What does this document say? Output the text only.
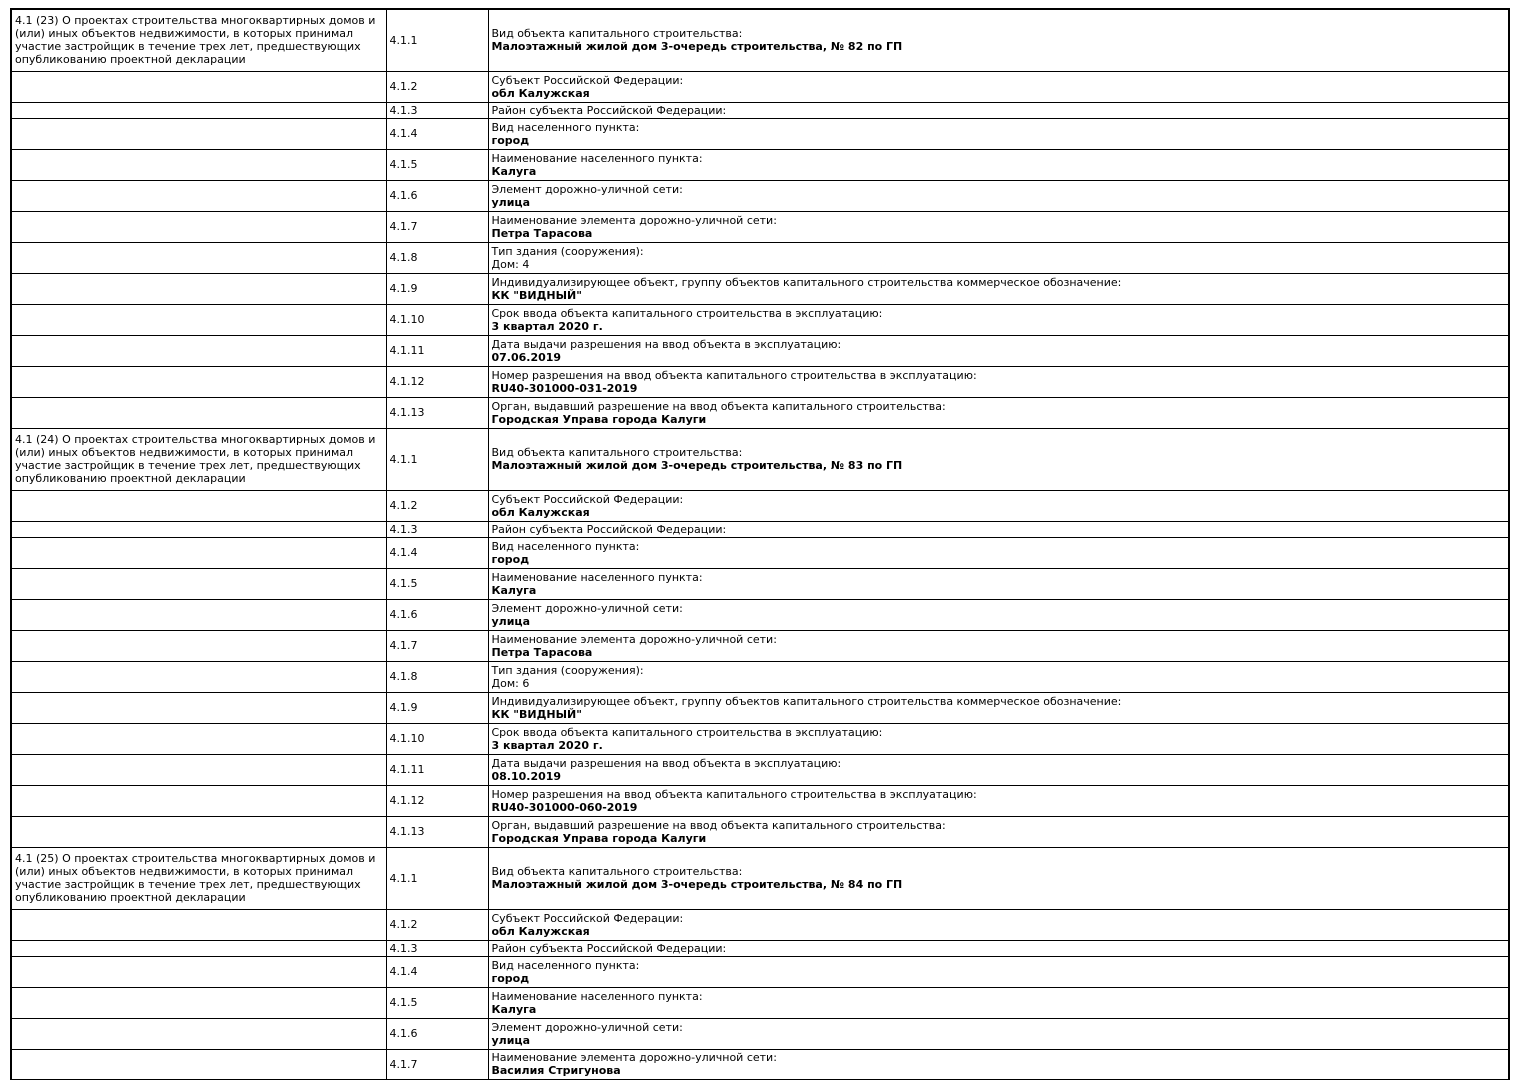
4.1 (23) О проектах строительства многоквартирных домов и (или) иных объектов недвижимости, в которых принимал участие застройщик в течение трех лет, предшествующих опубликованию проектной декларации	4.1.1	Вид объекта капитального строительства:
Малоэтажный жилой дом 3-очередь строительства, № 82 по ГП

	4.1.2	Субъект Российской Федерации:
обл Калужская

	4.1.3	Район субъекта Российской Федерации:

	4.1.4	Вид населенного пункта:
город

	4.1.5	Наименование населенного пункта:
Калуга

	4.1.6	Элемент дорожно-уличной сети:
улица

	4.1.7	Наименование элемента дорожно-уличной сети:
Петра Тарасова

	4.1.8	Тип здания (сооружения):
Дом: 4

	4.1.9	Индивидуализирующее объект, группу объектов капитального строительства коммерческое обозначение:
КК "ВИДНЫЙ"

	4.1.10	Срок ввода объекта капитального строительства в эксплуатацию:
3 квартал 2020 г.

	4.1.11	Дата выдачи разрешения на ввод объекта в эксплуатацию:
07.06.2019

	4.1.12	Номер разрешения на ввод объекта капитального строительства в эксплуатацию:
RU40-301000-031-2019

	4.1.13	Орган, выдавший разрешение на ввод объекта капитального строительства:
Городская Управа города Калуги

4.1 (24) О проектах строительства многоквартирных домов и (или) иных объектов недвижимости, в которых принимал участие застройщик в течение трех лет, предшествующих опубликованию проектной декларации	4.1.1	Вид объекта капитального строительства:
Малоэтажный жилой дом 3-очередь строительства, № 83 по ГП

	4.1.2	Субъект Российской Федерации:
обл Калужская

	4.1.3	Район субъекта Российской Федерации:

	4.1.4	Вид населенного пункта:
город

	4.1.5	Наименование населенного пункта:
Калуга

	4.1.6	Элемент дорожно-уличной сети:
улица

	4.1.7	Наименование элемента дорожно-уличной сети:
Петра Тарасова

	4.1.8	Тип здания (сооружения):
Дом: 6

	4.1.9	Индивидуализирующее объект, группу объектов капитального строительства коммерческое обозначение:
КК "ВИДНЫЙ"

	4.1.10	Срок ввода объекта капитального строительства в эксплуатацию:
3 квартал 2020 г.

	4.1.11	Дата выдачи разрешения на ввод объекта в эксплуатацию:
08.10.2019

	4.1.12	Номер разрешения на ввод объекта капитального строительства в эксплуатацию:
RU40-301000-060-2019

	4.1.13	Орган, выдавший разрешение на ввод объекта капитального строительства:
Городская Управа города Калуги

4.1 (25) О проектах строительства многоквартирных домов и (или) иных объектов недвижимости, в которых принимал участие застройщик в течение трех лет, предшествующих опубликованию проектной декларации	4.1.1	Вид объекта капитального строительства:
Малоэтажный жилой дом 3-очередь строительства, № 84 по ГП

	4.1.2	Субъект Российской Федерации:
обл Калужская

	4.1.3	Район субъекта Российской Федерации:

	4.1.4	Вид населенного пункта:
город

	4.1.5	Наименование населенного пункта:
Калуга

	4.1.6	Элемент дорожно-уличной сети:
улица

	4.1.7	Наименование элемента дорожно-уличной сети:
Василия Стригунова
